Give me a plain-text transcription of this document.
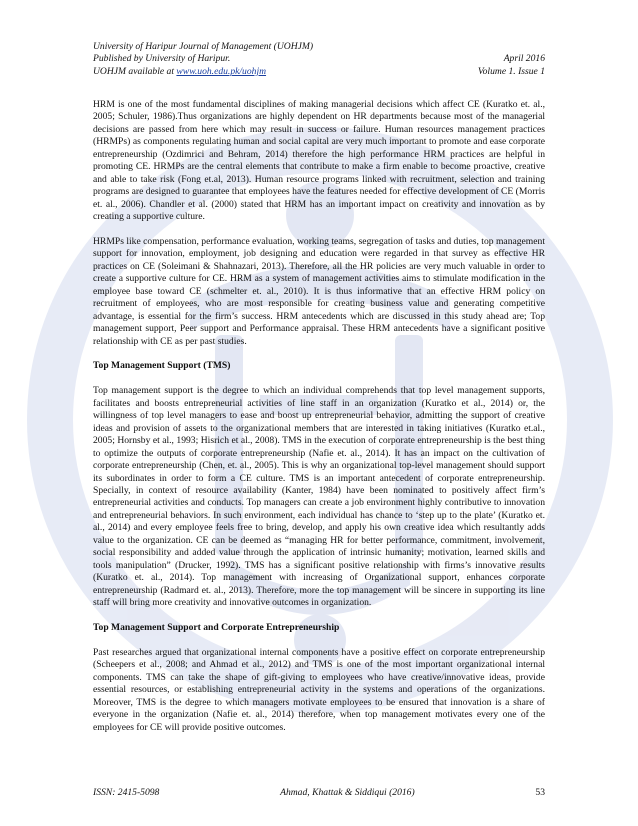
University of Haripur Journal of Management (UOHJM)
Published by University of Haripur.	April 2016
UOHJM available at www.uoh.edu.pk/uohjm	Volume 1. Issue 1

HRM is one of the most fundamental disciplines of making managerial decisions which affect CE (Kuratko et. al., 2005; Schuler, 1986).Thus organizations are highly dependent on HR departments because most of the managerial decisions are passed from here which may result in success or failure. Human resources management practices (HRMPs) as components regulating human and social capital are very much important to promote and ease corporate entrepreneurship (Ozdimrici and Behram, 2014) therefore the high performance HRM practices are helpful in promoting CE. HRMPs are the central elements that contribute to make a firm enable to become proactive, creative and able to take risk (Fong et.al, 2013). Human resource programs linked with recruitment, selection and training programs are designed to guarantee that employees have the features needed for effective development of CE (Morris et. al., 2006). Chandler et al. (2000) stated that HRM has an important impact on creativity and innovation as by creating a supportive culture.

HRMPs like compensation, performance evaluation, working teams, segregation of tasks and duties, top management support for innovation, employment, job designing and education were regarded in that survey as effective HR practices on CE (Soleimani & Shahnazari, 2013). Therefore, all the HR policies are very much valuable in order to create a supportive culture for CE. HRM as a system of management activities aims to stimulate modification in the employee base toward CE (schmelter et. al., 2010). It is thus informative that an effective HRM policy on recruitment of employees, who are most responsible for creating business value and generating competitive advantage, is essential for the firm’s success. HRM antecedents which are discussed in this study ahead are; Top management support, Peer support and Performance appraisal. These HRM antecedents have a significant positive relationship with CE as per past studies.

Top Management Support (TMS)

Top management support is the degree to which an individual comprehends that top level management supports, facilitates and boosts entrepreneurial activities of line staff in an organization (Kuratko et al., 2014) or, the willingness of top level managers to ease and boost up entrepreneurial behavior, admitting the support of creative ideas and provision of assets to the organizational members that are interested in taking initiatives (Kuratko et.al., 2005; Hornsby et al., 1993; Hisrich et al., 2008). TMS in the execution of corporate entrepreneurship is the best thing to optimize the outputs of corporate entrepreneurship (Nafie et. al., 2014). It has an impact on the cultivation of corporate entrepreneurship (Chen, et. al., 2005). This is why an organizational top-level management should support its subordinates in order to form a CE culture. TMS is an important antecedent of corporate entrepreneurship. Specially, in context of resource availability (Kanter, 1984) have been nominated to positively affect firm’s entrepreneurial activities and conducts. Top managers can create a job environment highly contributive to innovation and entrepreneurial behaviors. In such environment, each individual has chance to ‘step up to the plate’ (Kuratko et. al., 2014) and every employee feels free to bring, develop, and apply his own creative idea which resultantly adds value to the organization. CE can be deemed as “managing HR for better performance, commitment, involvement, social responsibility and added value through the application of intrinsic humanity; motivation, learned skills and tools manipulation” (Drucker, 1992). TMS has a significant positive relationship with firms’s innovative results (Kuratko et. al., 2014). Top management with increasing of Organizational support, enhances corporate entrepreneurship (Radmard et. al., 2013). Therefore, more the top management will be sincere in supporting its line staff will bring more creativity and innovative outcomes in organization.

Top Management Support and Corporate Entrepreneurship

Past researches argued that organizational internal components have a positive effect on corporate entrepreneurship (Scheepers et al., 2008; and Ahmad et al., 2012) and TMS is one of the most important organizational internal components. TMS can take the shape of gift-giving to employees who have creative/innovative ideas, provide essential resources, or establishing entrepreneurial activity in the systems and operations of the organizations. Moreover, TMS is the degree to which managers motivate employees to be ensured that innovation is a share of everyone in the organization (Nafie et. al., 2014) therefore, when top management motivates every one of the employees for CE will provide positive outcomes.

ISSN: 2415-5098	Ahmad, Khattak & Siddiqui (2016)	53
